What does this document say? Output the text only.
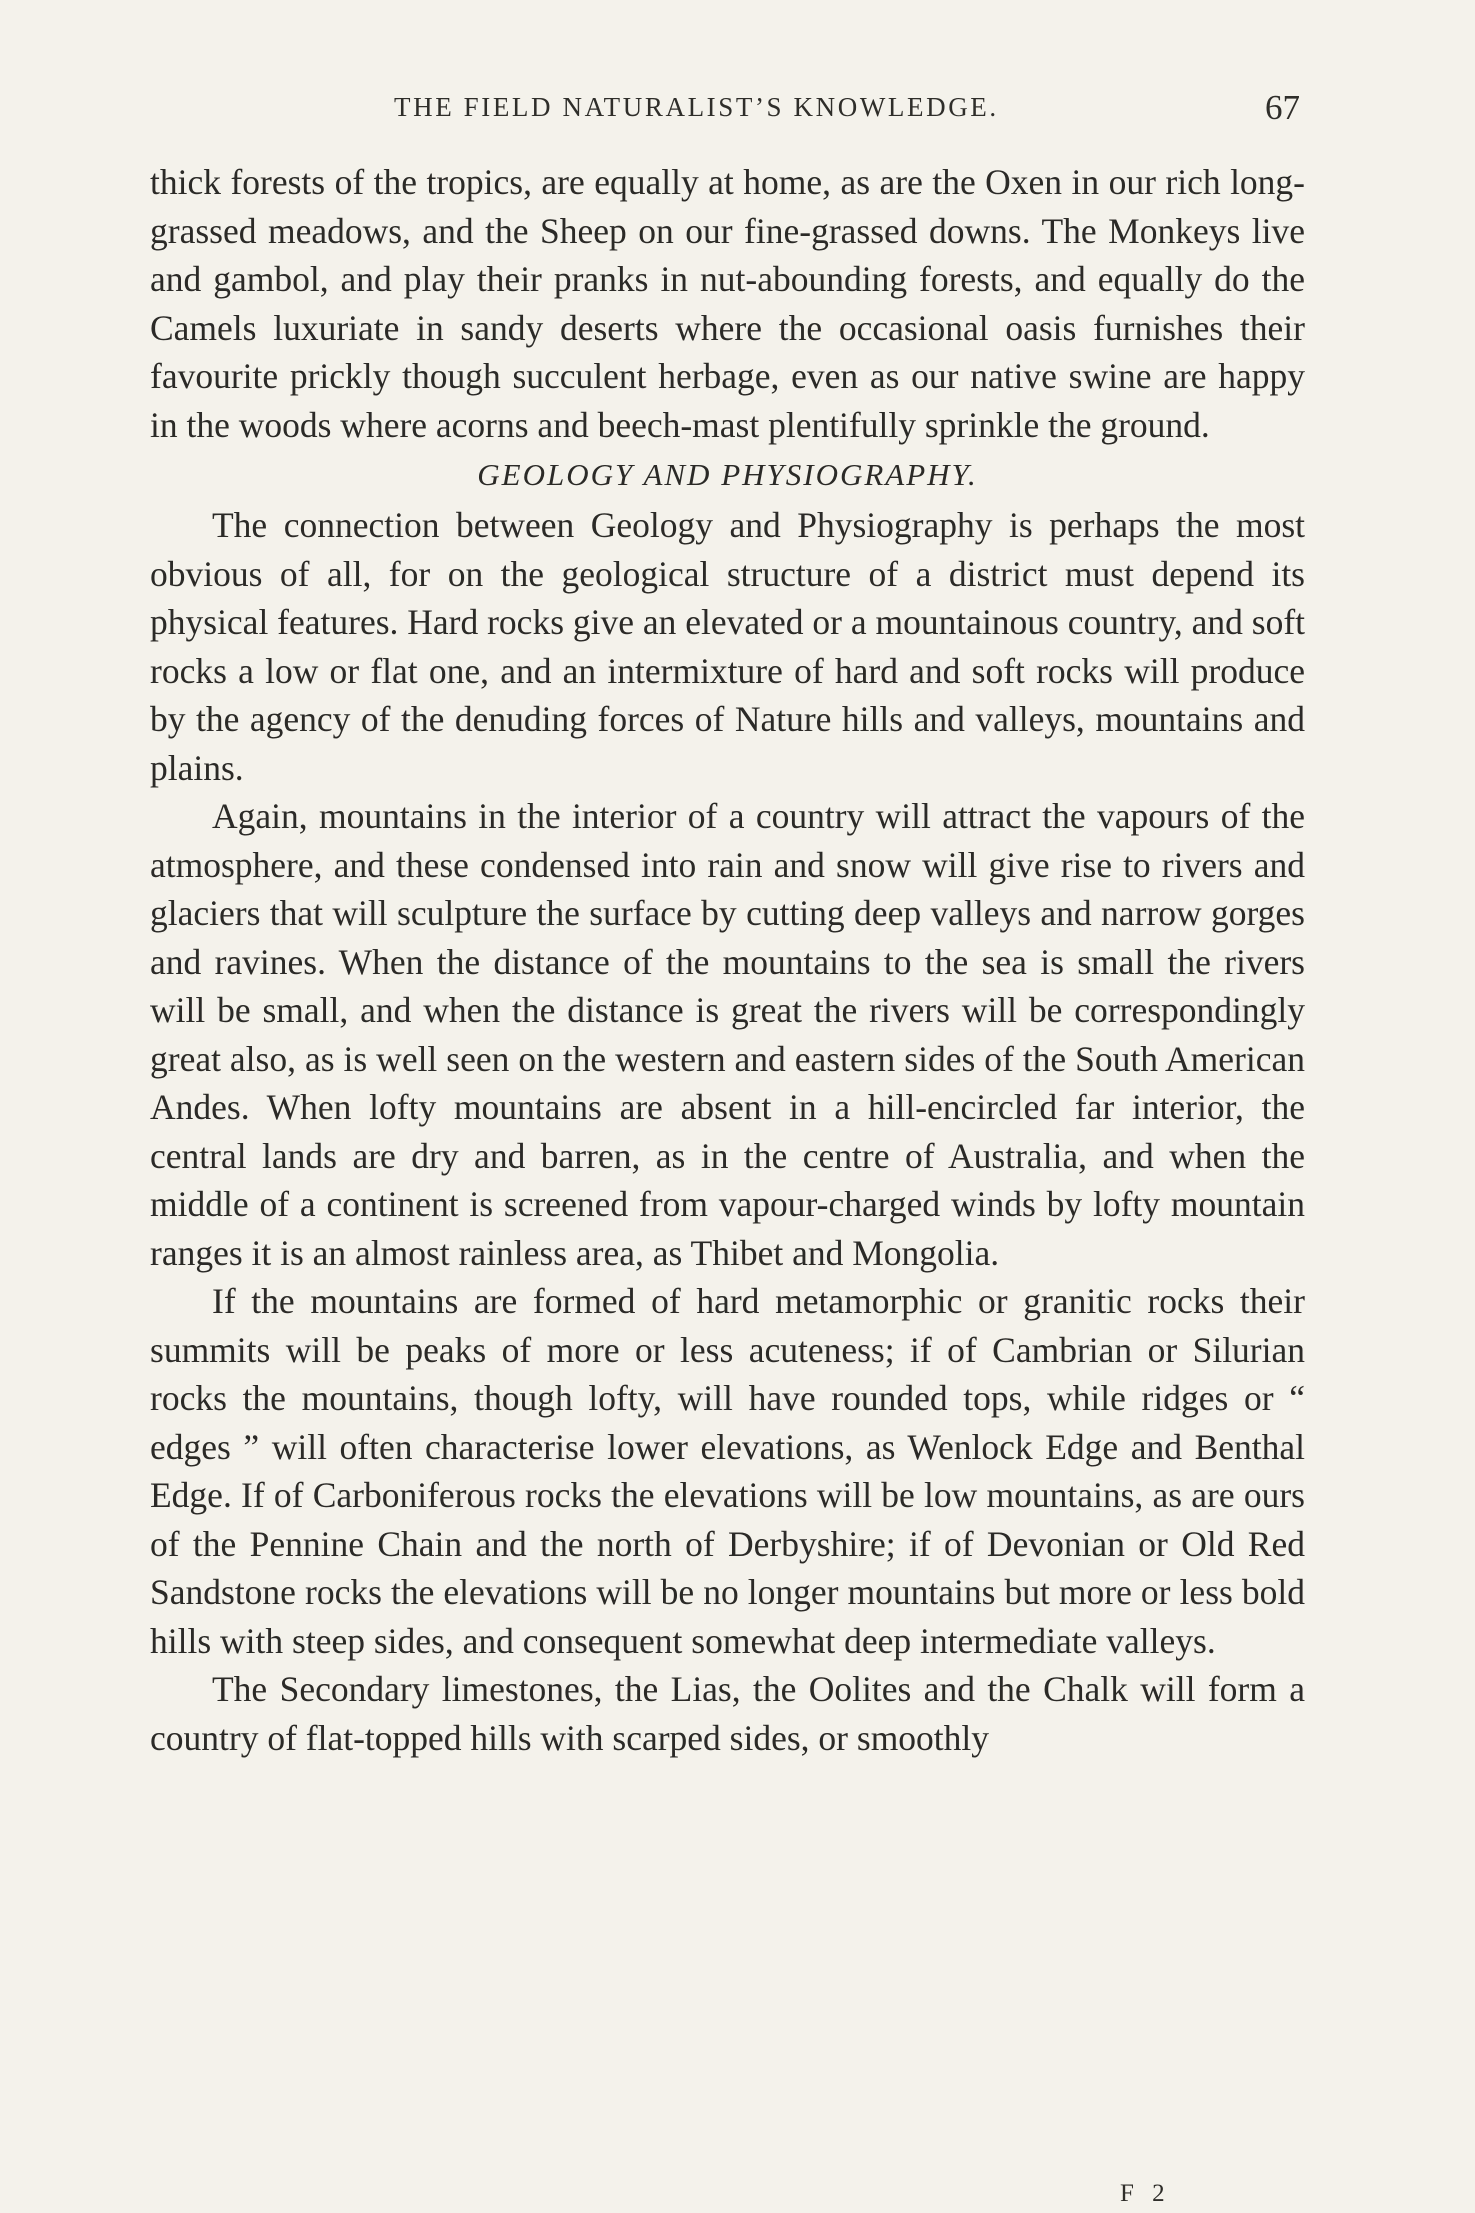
THE FIELD NATURALIST’S KNOWLEDGE.	67

thick forests of the tropics, are equally at home, as are the Oxen in our rich long-grassed meadows, and the Sheep on our fine-grassed downs. The Monkeys live and gambol, and play their pranks in nut-abounding forests, and equally do the Camels luxuriate in sandy deserts where the occasional oasis furnishes their favourite prickly though succulent herbage, even as our native swine are happy in the woods where acorns and beech-mast plentifully sprinkle the ground.

GEOLOGY AND PHYSIOGRAPHY.

The connection between Geology and Physiography is perhaps the most obvious of all, for on the geological structure of a district must depend its physical features. Hard rocks give an elevated or a mountainous country, and soft rocks a low or flat one, and an intermixture of hard and soft rocks will produce by the agency of the denuding forces of Nature hills and valleys, mountains and plains.

Again, mountains in the interior of a country will attract the vapours of the atmosphere, and these condensed into rain and snow will give rise to rivers and glaciers that will sculpture the surface by cutting deep valleys and narrow gorges and ravines. When the distance of the mountains to the sea is small the rivers will be small, and when the distance is great the rivers will be correspondingly great also, as is well seen on the western and eastern sides of the South American Andes. When lofty mountains are absent in a hill-encircled far interior, the central lands are dry and barren, as in the centre of Australia, and when the middle of a continent is screened from vapour-charged winds by lofty mountain ranges it is an almost rainless area, as Thibet and Mongolia.

If the mountains are formed of hard metamorphic or granitic rocks their summits will be peaks of more or less acuteness; if of Cambrian or Silurian rocks the mountains, though lofty, will have rounded tops, while ridges or “ edges ” will often characterise lower elevations, as Wenlock Edge and Benthal Edge. If of Carboniferous rocks the elevations will be low mountains, as are ours of the Pennine Chain and the north of Derbyshire; if of Devonian or Old Red Sandstone rocks the elevations will be no longer mountains but more or less bold hills with steep sides, and consequent somewhat deep intermediate valleys.

The Secondary limestones, the Lias, the Oolites and the Chalk will form a country of flat-topped hills with scarped sides, or smoothly

F 2
